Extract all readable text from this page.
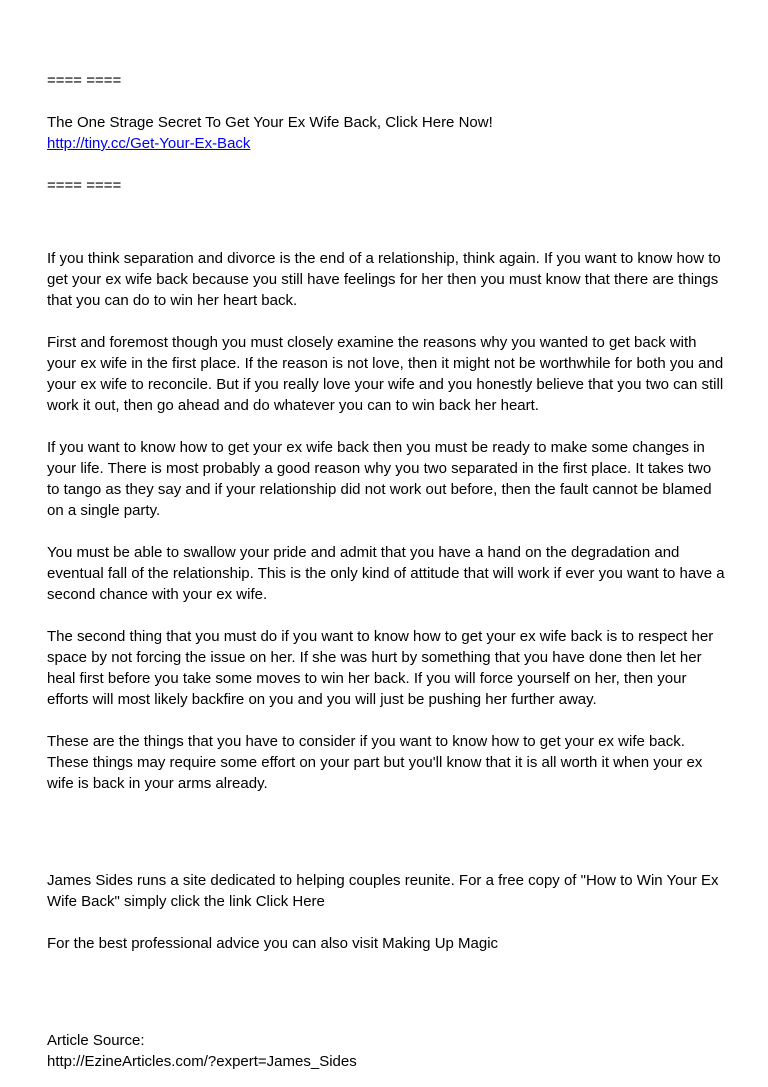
==== ====
The One Strage Secret To Get Your Ex Wife Back, Click Here Now!
http://tiny.cc/Get-Your-Ex-Back
==== ====

If you think separation and divorce is the end of a relationship, think again. If you want to know how to get your ex wife back because you still have feelings for her then you must know that there are things that you can do to win her heart back.

First and foremost though you must closely examine the reasons why you wanted to get back with your ex wife in the first place. If the reason is not love, then it might not be worthwhile for both you and your ex wife to reconcile. But if you really love your wife and you honestly believe that you two can still work it out, then go ahead and do whatever you can to win back her heart.

If you want to know how to get your ex wife back then you must be ready to make some changes in your life. There is most probably a good reason why you two separated in the first place. It takes two to tango as they say and if your relationship did not work out before, then the fault cannot be blamed on a single party.

You must be able to swallow your pride and admit that you have a hand on the degradation and eventual fall of the relationship. This is the only kind of attitude that will work if ever you want to have a second chance with your ex wife.

The second thing that you must do if you want to know how to get your ex wife back is to respect her space by not forcing the issue on her. If she was hurt by something that you have done then let her heal first before you take some moves to win her back. If you will force yourself on her, then your efforts will most likely backfire on you and you will just be pushing her further away.

These are the things that you have to consider if you want to know how to get your ex wife back. These things may require some effort on your part but you'll know that it is all worth it when your ex wife is back in your arms already.

James Sides runs a site dedicated to helping couples reunite. For a free copy of "How to Win Your Ex Wife Back" simply click the link Click Here

For the best professional advice you can also visit Making Up Magic

Article Source:
http://EzineArticles.com/?expert=James_Sides
